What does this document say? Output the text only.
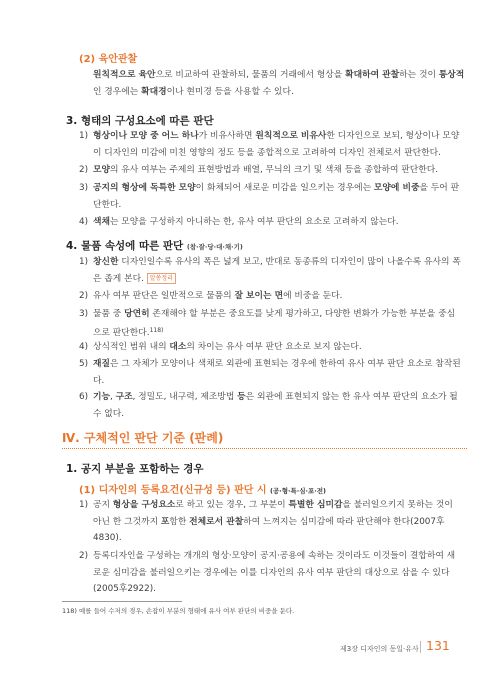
(2) 육안관찰
원칙적으로 육안으로 비교하여 관찰하되, 물품의 거래에서 형상을 확대하여 관찰하는 것이 통상적인 경우에는 확대경이나 현미경 등을 사용할 수 있다.
3. 형태의 구성요소에 따른 판단
1) 형상이나 모양 중 어느 하나가 비유사하면 원칙적으로 비유사한 디자인으로 보되, 형상이나 모양이 디자인의 미감에 미친 영향의 정도 등을 종합적으로 고려하여 디자인 전체로서 판단한다.
2) 모양의 유사 여부는 주제의 표현방법과 배열, 무늬의 크기 및 색채 등을 종합하여 판단한다.
3) 공지의 형상에 독특한 모양이 화체되어 새로운 미감을 일으키는 경우에는 모양에 비중을 두어 판단한다.
4) 색채는 모양을 구성하지 아니하는 한, 유사 여부 판단의 요소로 고려하지 않는다.
4. 물품 속성에 따른 판단 (참·잘·당·대·채·기)
1) 창신한 디자인일수록 유사의 폭은 넓게 보고, 반대로 동종류의 디자인이 많이 나올수록 유사의 폭은 좁게 본다. 알쏭정리
2) 유사 여부 판단은 일반적으로 물품의 잘 보이는 면에 비중을 둔다.
3) 물품 중 당연히 존재해야 할 부분은 중요도를 낮게 평가하고, 다양한 변화가 가능한 부분을 중심으로 판단한다.$^{118)}$
4) 상식적인 범위 내의 대소의 차이는 유사 여부 판단 요소로 보지 않는다.
5) 재질은 그 자체가 모양이나 색채로 외관에 표현되는 경우에 한하여 유사 여부 판단 요소로 참작된다.
6) 기능, 구조, 정밀도, 내구력, 제조방법 등은 외관에 표현되지 않는 한 유사 여부 판단의 요소가 될 수 없다.
Ⅳ. 구체적인 판단 기준 (판례)
1. 공지 부분을 포함하는 경우
(1) 디자인의 등록요건(신규성 등) 판단 시 (공·형·특·심·포·전)
1) 공지 형상을 구성요소로 하고 있는 경우, 그 부분이 특별한 심미감을 불러일으키지 못하는 것이 아닌 한 그것까지 포함한 전체로서 관찰하여 느껴지는 심미감에 따라 판단해야 한다(2007후4830).
2) 등록디자인을 구성하는 개개의 형상·모양이 공지·공용에 속하는 것이라도 이것들이 결합하여 새로운 심미감을 불러일으키는 경우에는 이를 디자인의 유사 여부 판단의 대상으로 삼을 수 있다(2005후2922).
118) 예를 들어 수저의 경우, 손잡이 부분의 형태에 유사 여부 판단의 비중을 둔다.
제3장 디자인의 동일·유사 131
